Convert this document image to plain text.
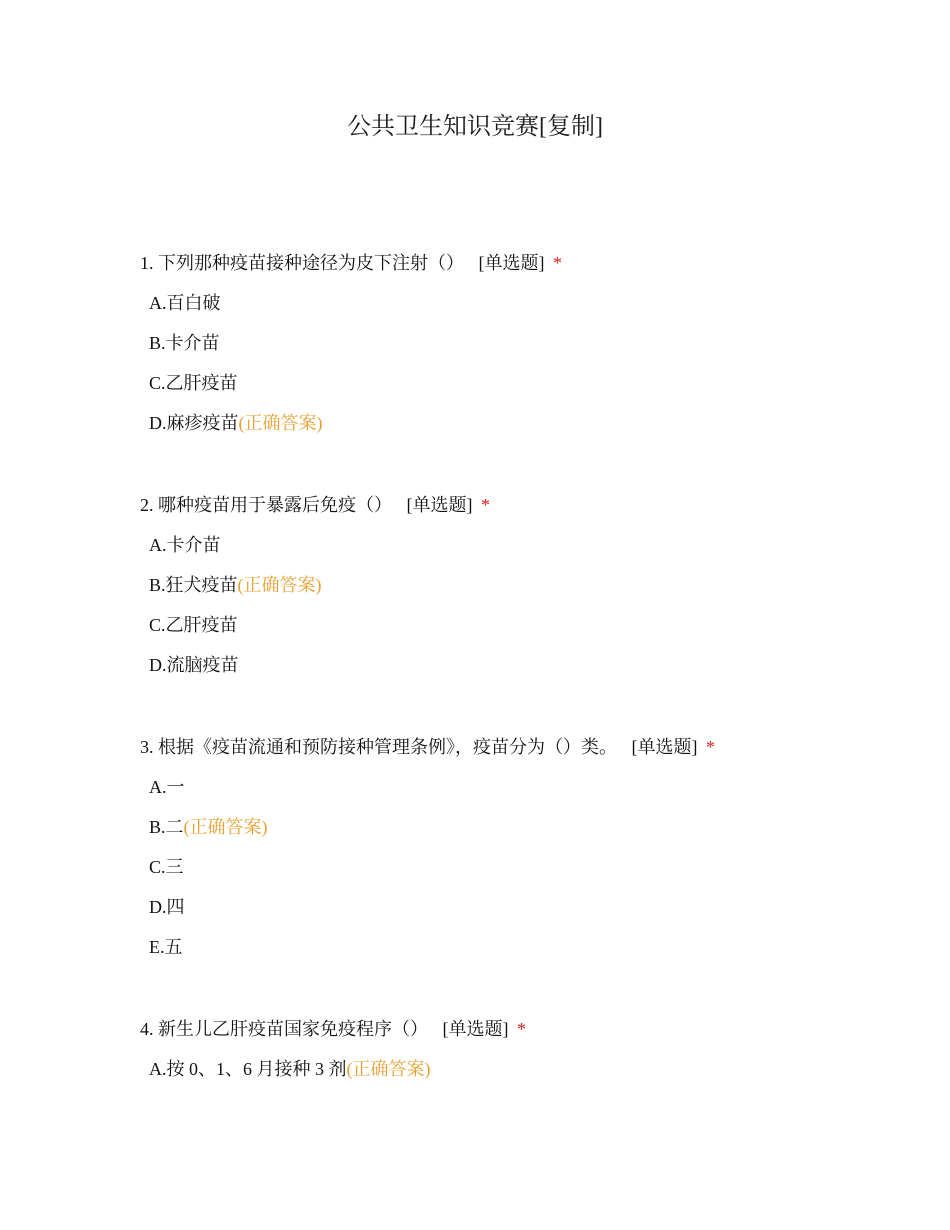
公共卫生知识竞赛[复制]
1. 下列那种疫苗接种途径为皮下注射（） [单选题] *
A.百白破
B.卡介苗
C.乙肝疫苗
D.麻疹疫苗(正确答案)
2. 哪种疫苗用于暴露后免疫（） [单选题] *
A.卡介苗
B.狂犬疫苗(正确答案)
C.乙肝疫苗
D.流脑疫苗
3. 根据《疫苗流通和预防接种管理条例》，疫苗分为（）类。 [单选题] *
A.一
B.二(正确答案)
C.三
D.四
E.五
4. 新生儿乙肝疫苗国家免疫程序（） [单选题] *
A.按 0、1、6 月接种 3 剂(正确答案)
